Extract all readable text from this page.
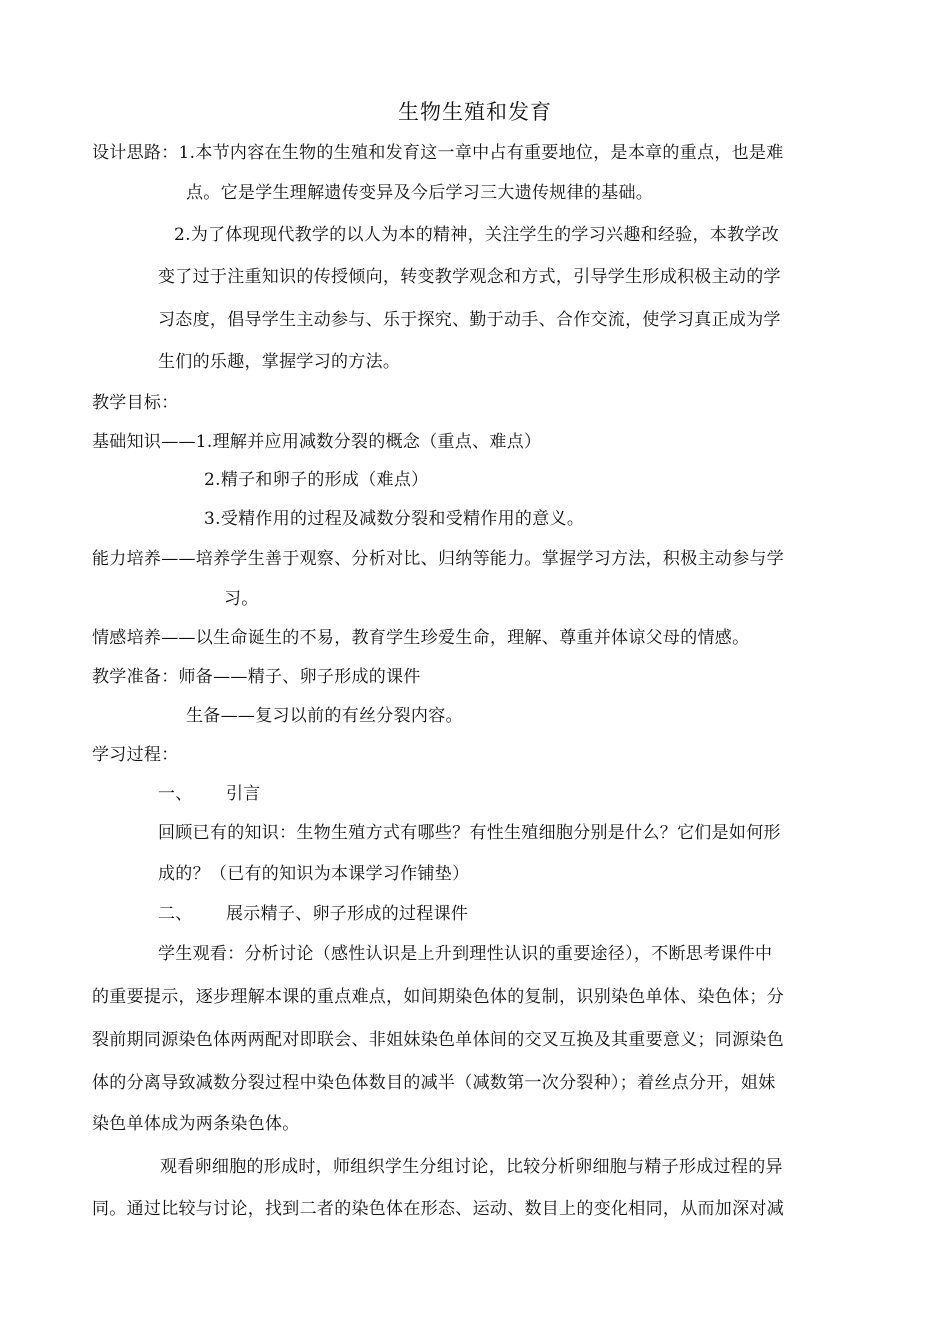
生物生殖和发育
设计思路：1.本节内容在生物的生殖和发育这一章中占有重要地位，是本章的重点，也是难
点。它是学生理解遗传变异及今后学习三大遗传规律的基础。
2.为了体现现代教学的以人为本的精神，关注学生的学习兴趣和经验，本教学改
变了过于注重知识的传授倾向，转变教学观念和方式，引导学生形成积极主动的学
习态度，倡导学生主动参与、乐于探究、勤于动手、合作交流，使学习真正成为学
生们的乐趣，掌握学习的方法。
教学目标：
基础知识——1.理解并应用减数分裂的概念（重点、难点）
2.精子和卵子的形成（难点）
3.受精作用的过程及减数分裂和受精作用的意义。
能力培养——培养学生善于观察、分析对比、归纳等能力。掌握学习方法，积极主动参与学
习。
情感培养——以生命诞生的不易，教育学生珍爱生命，理解、尊重并体谅父母的情感。
教学准备：师备——精子、卵子形成的课件
生备——复习以前的有丝分裂内容。
学习过程：
一、 引言
回顾已有的知识：生物生殖方式有哪些？有性生殖细胞分别是什么？它们是如何形
成的？（已有的知识为本课学习作铺垫）
二、 展示精子、卵子形成的过程课件
学生观看：分析讨论（感性认识是上升到理性认识的重要途径），不断思考课件中
的重要提示，逐步理解本课的重点难点，如间期染色体的复制，识别染色单体、染色体；分
裂前期同源染色体两两配对即联会、非姐妹染色单体间的交叉互换及其重要意义；同源染色
体的分离导致减数分裂过程中染色体数目的减半（减数第一次分裂种）；着丝点分开，姐妹
染色单体成为两条染色体。
观看卵细胞的形成时，师组织学生分组讨论，比较分析卵细胞与精子形成过程的异
同。通过比较与讨论，找到二者的染色体在形态、运动、数目上的变化相同，从而加深对减
